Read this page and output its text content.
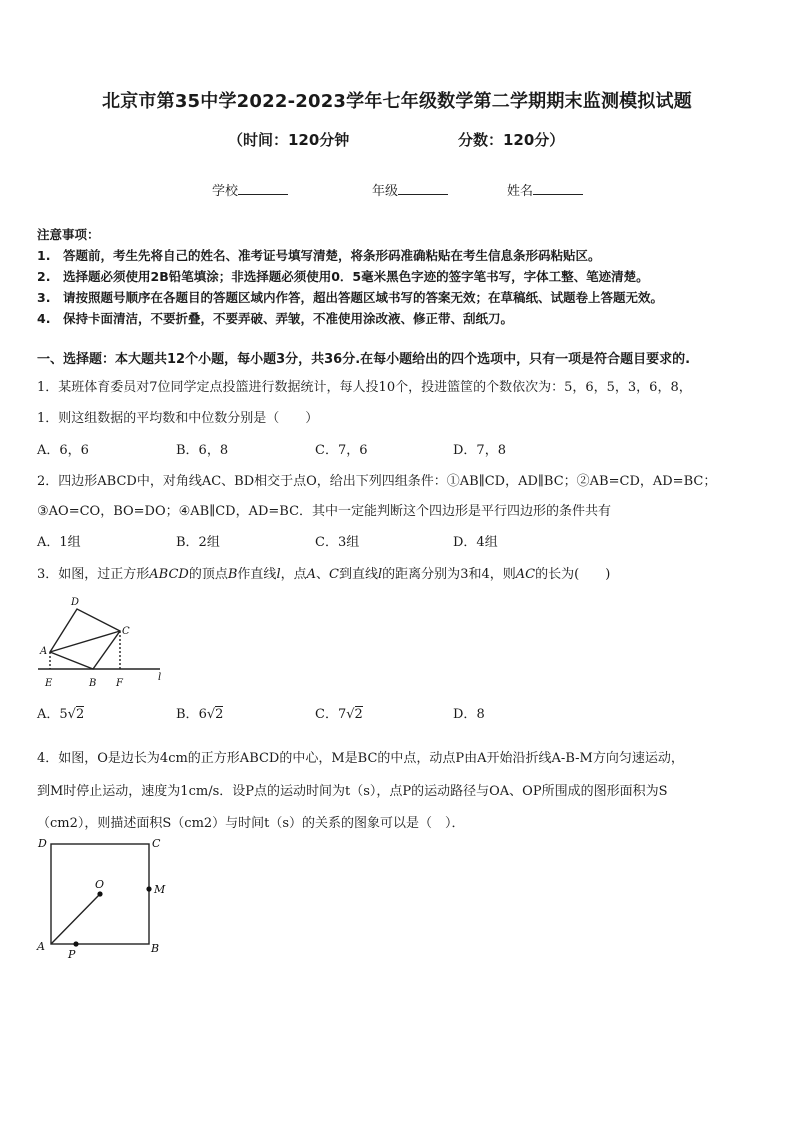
北京市第35中学2022-2023学年七年级数学第二学期期末监测模拟试题
（时间：120分钟	分数：120分）
学校	年级	姓名
注意事项：
1. 答题前，考生先将自己的姓名、准考证号填写清楚，将条形码准确粘贴在考生信息条形码粘贴区。
2. 选择题必须使用2B铅笔填涂；非选择题必须使用0．5毫米黑色字迹的签字笔书写，字体工整、笔迹清楚。
3. 请按照题号顺序在各题目的答题区域内作答，超出答题区域书写的答案无效；在草稿纸、试题卷上答题无效。
4. 保持卡面清洁，不要折叠，不要弄破、弄皱，不准使用涂改液、修正带、刮纸刀。
一、选择题：本大题共12个小题，每小题3分，共36分.在每小题给出的四个选项中，只有一项是符合题目要求的.
1．某班体育委员对7位同学定点投篮进行数据统计，每人投10个，投进篮筐的个数依次为：5，6，5，3，6，8，
1．则这组数据的平均数和中位数分别是（　　）
A．6，6	B．6，8	C．7，6	D．7，8
2．四边形ABCD中，对角线AC、BD相交于点O，给出下列四组条件：①AB∥CD，AD∥BC；②AB=CD，AD=BC；
③AO=CO，BO=DO；④AB∥CD，AD=BC．其中一定能判断这个四边形是平行四边形的条件共有
A．1组	B．2组	C．3组	D．4组
3．如图，过正方形ABCD的顶点B作直线l，点A、C到直线l的距离分别为3和4，则AC的长为(　　)
D
C
A
E	B F
l
A．5√2	B．6√2	C．7√2	D．8
4．如图，O是边长为4cm的正方形ABCD的中心，M是BC的中点，动点P由A开始沿折线A-B-M方向匀速运动，
到M时停止运动，速度为1cm/s．设P点的运动时间为t（s），点P的运动路径与OA、OP所围成的图形面积为S
（cm2），则描述面积S（cm2）与时间t（s）的关系的图象可以是（　）．
D	C
O	M
A
P	B
